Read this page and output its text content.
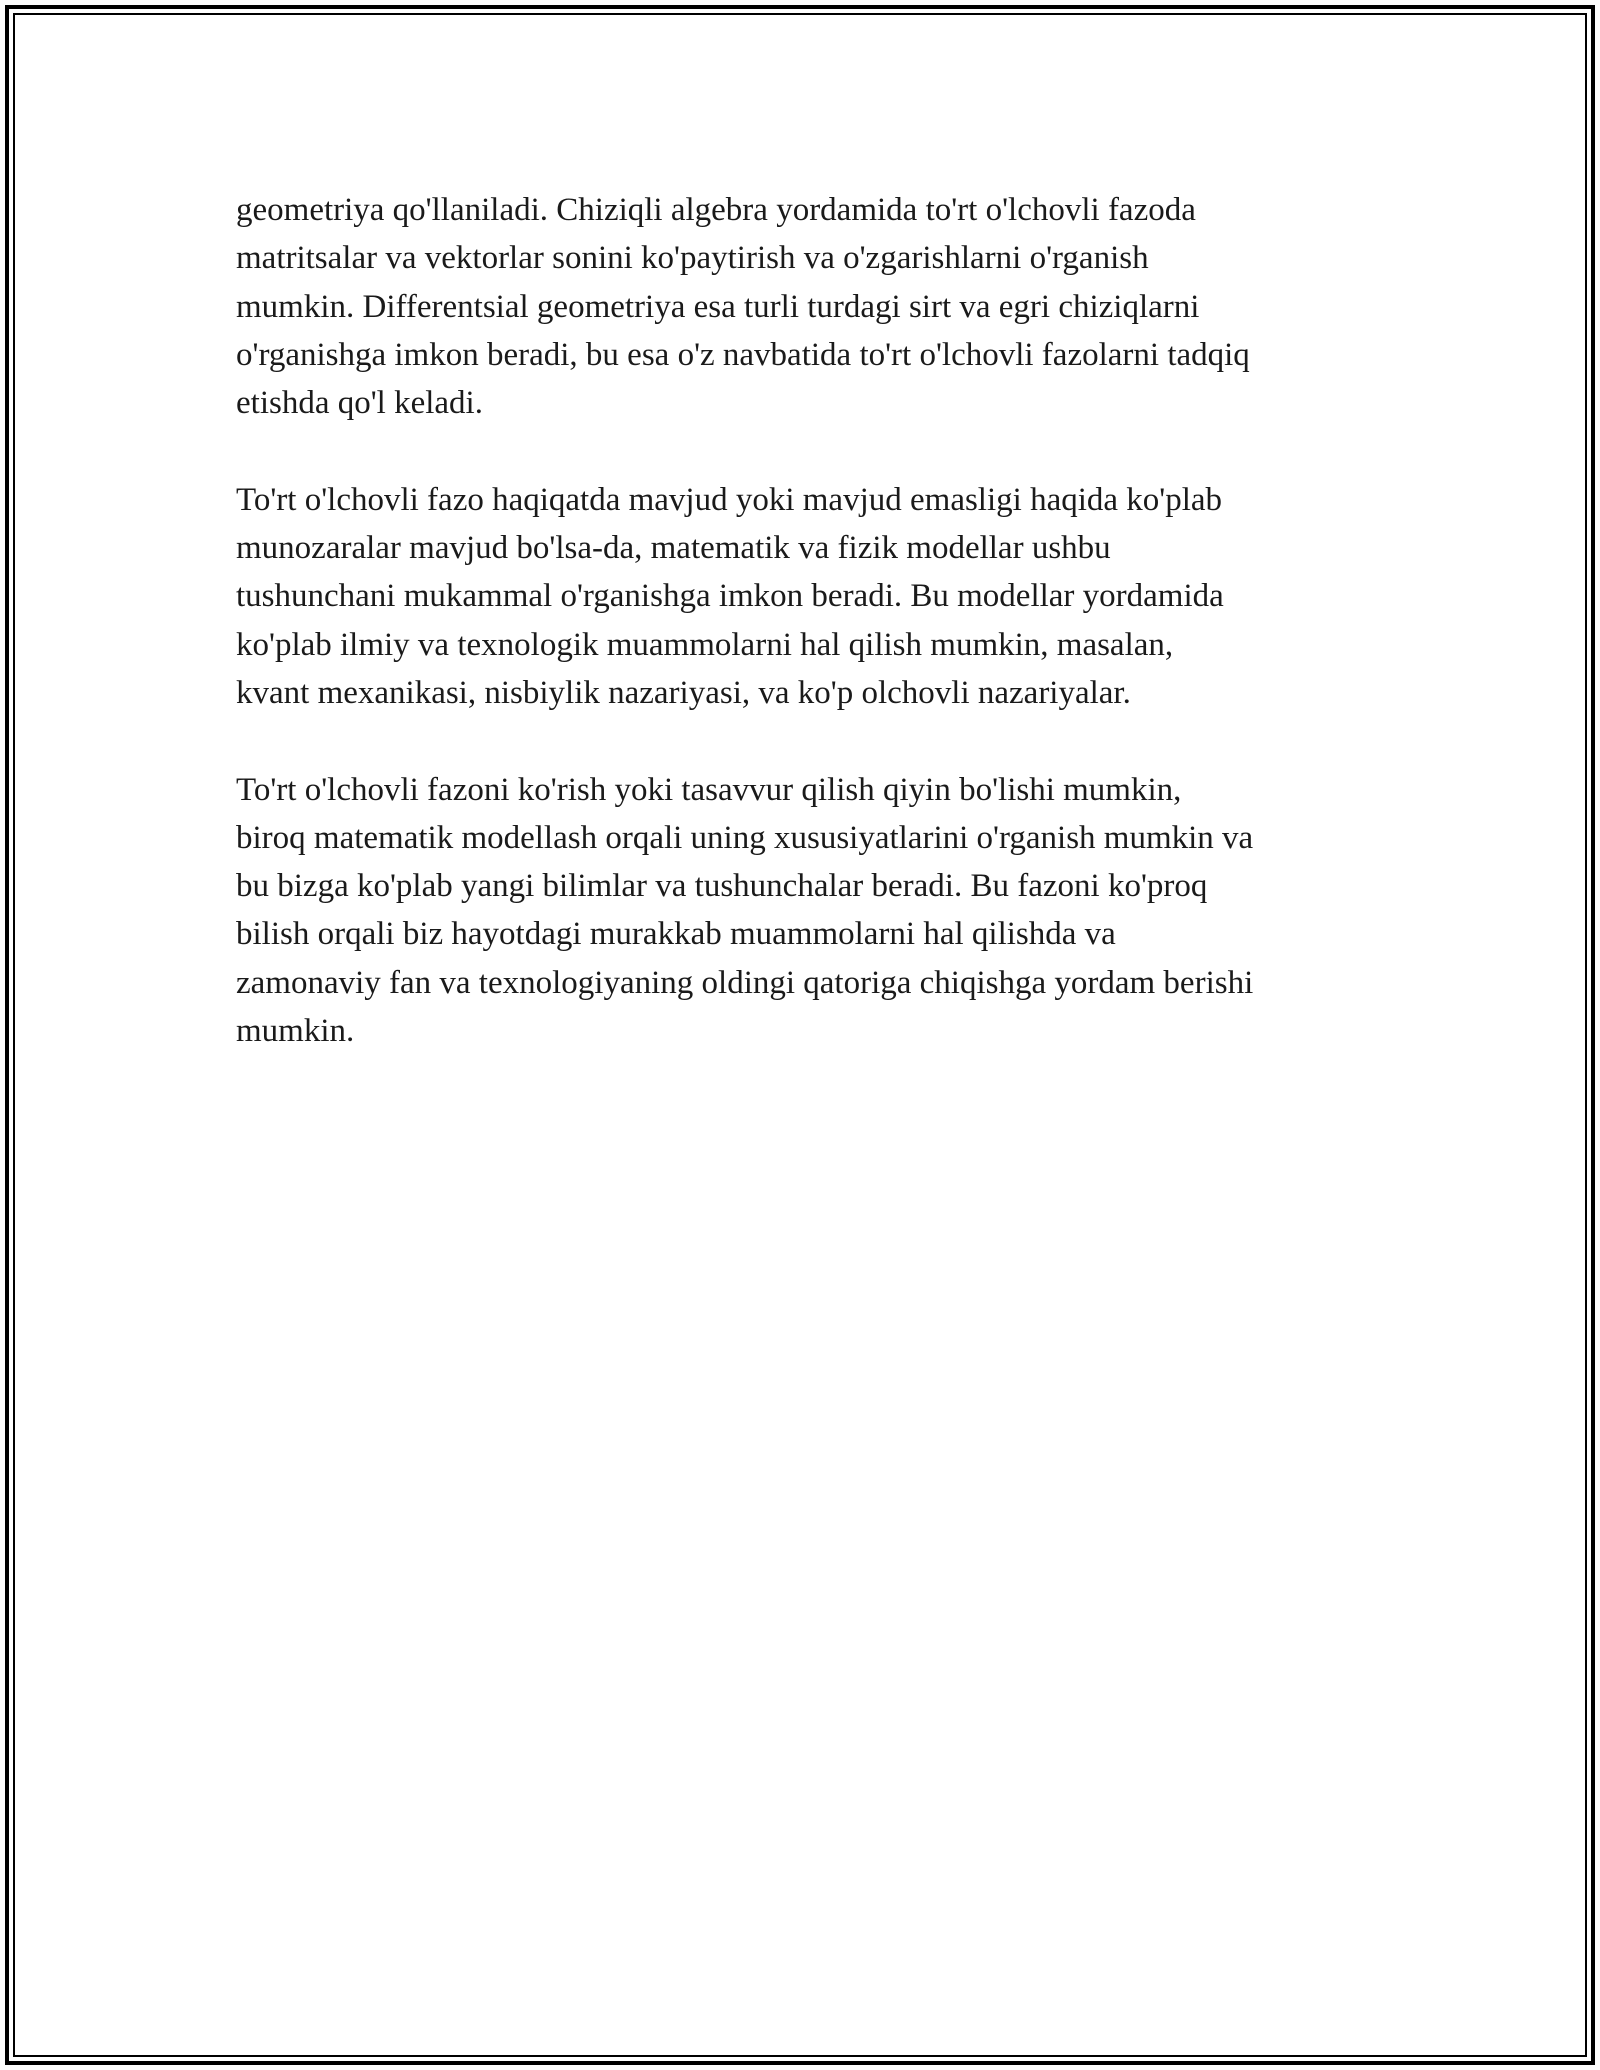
geometriya qo'llaniladi. Chiziqli algebra yordamida to'rt o'lchovli fazoda
matritsalar va vektorlar sonini ko'paytirish va o'zgarishlarni o'rganish
mumkin. Differentsial geometriya esa turli turdagi sirt va egri chiziqlarni
o'rganishga imkon beradi, bu esa o'z navbatida to'rt o'lchovli fazolarni tadqiq
etishda qo'l keladi.

To'rt o'lchovli fazo haqiqatda mavjud yoki mavjud emasligi haqida ko'plab
munozaralar mavjud bo'lsa-da, matematik va fizik modellar ushbu
tushunchani mukammal o'rganishga imkon beradi. Bu modellar yordamida
ko'plab ilmiy va texnologik muammolarni hal qilish mumkin, masalan,
kvant mexanikasi, nisbiylik nazariyasi, va ko'p olchovli nazariyalar.

To'rt o'lchovli fazoni ko'rish yoki tasavvur qilish qiyin bo'lishi mumkin,
biroq matematik modellash orqali uning xususiyatlarini o'rganish mumkin va
bu bizga ko'plab yangi bilimlar va tushunchalar beradi. Bu fazoni ko'proq
bilish orqali biz hayotdagi murakkab muammolarni hal qilishda va
zamonaviy fan va texnologiyaning oldingi qatoriga chiqishga yordam berishi
mumkin.
